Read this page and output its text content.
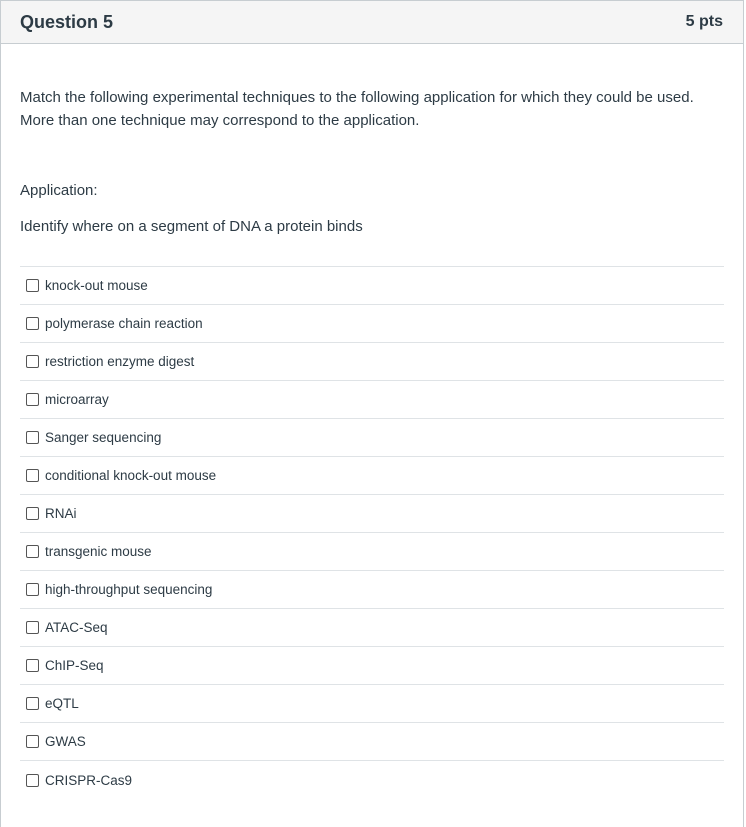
Question 5	5 pts
Match the following experimental techniques to the following application for which they could be used. More than one technique may correspond to the application.
Application:
Identify where on a segment of DNA a protein binds
knock-out mouse
polymerase chain reaction
restriction enzyme digest
microarray
Sanger sequencing
conditional knock-out mouse
RNAi
transgenic mouse
high-throughput sequencing
ATAC-Seq
ChIP-Seq
eQTL
GWAS
CRISPR-Cas9
